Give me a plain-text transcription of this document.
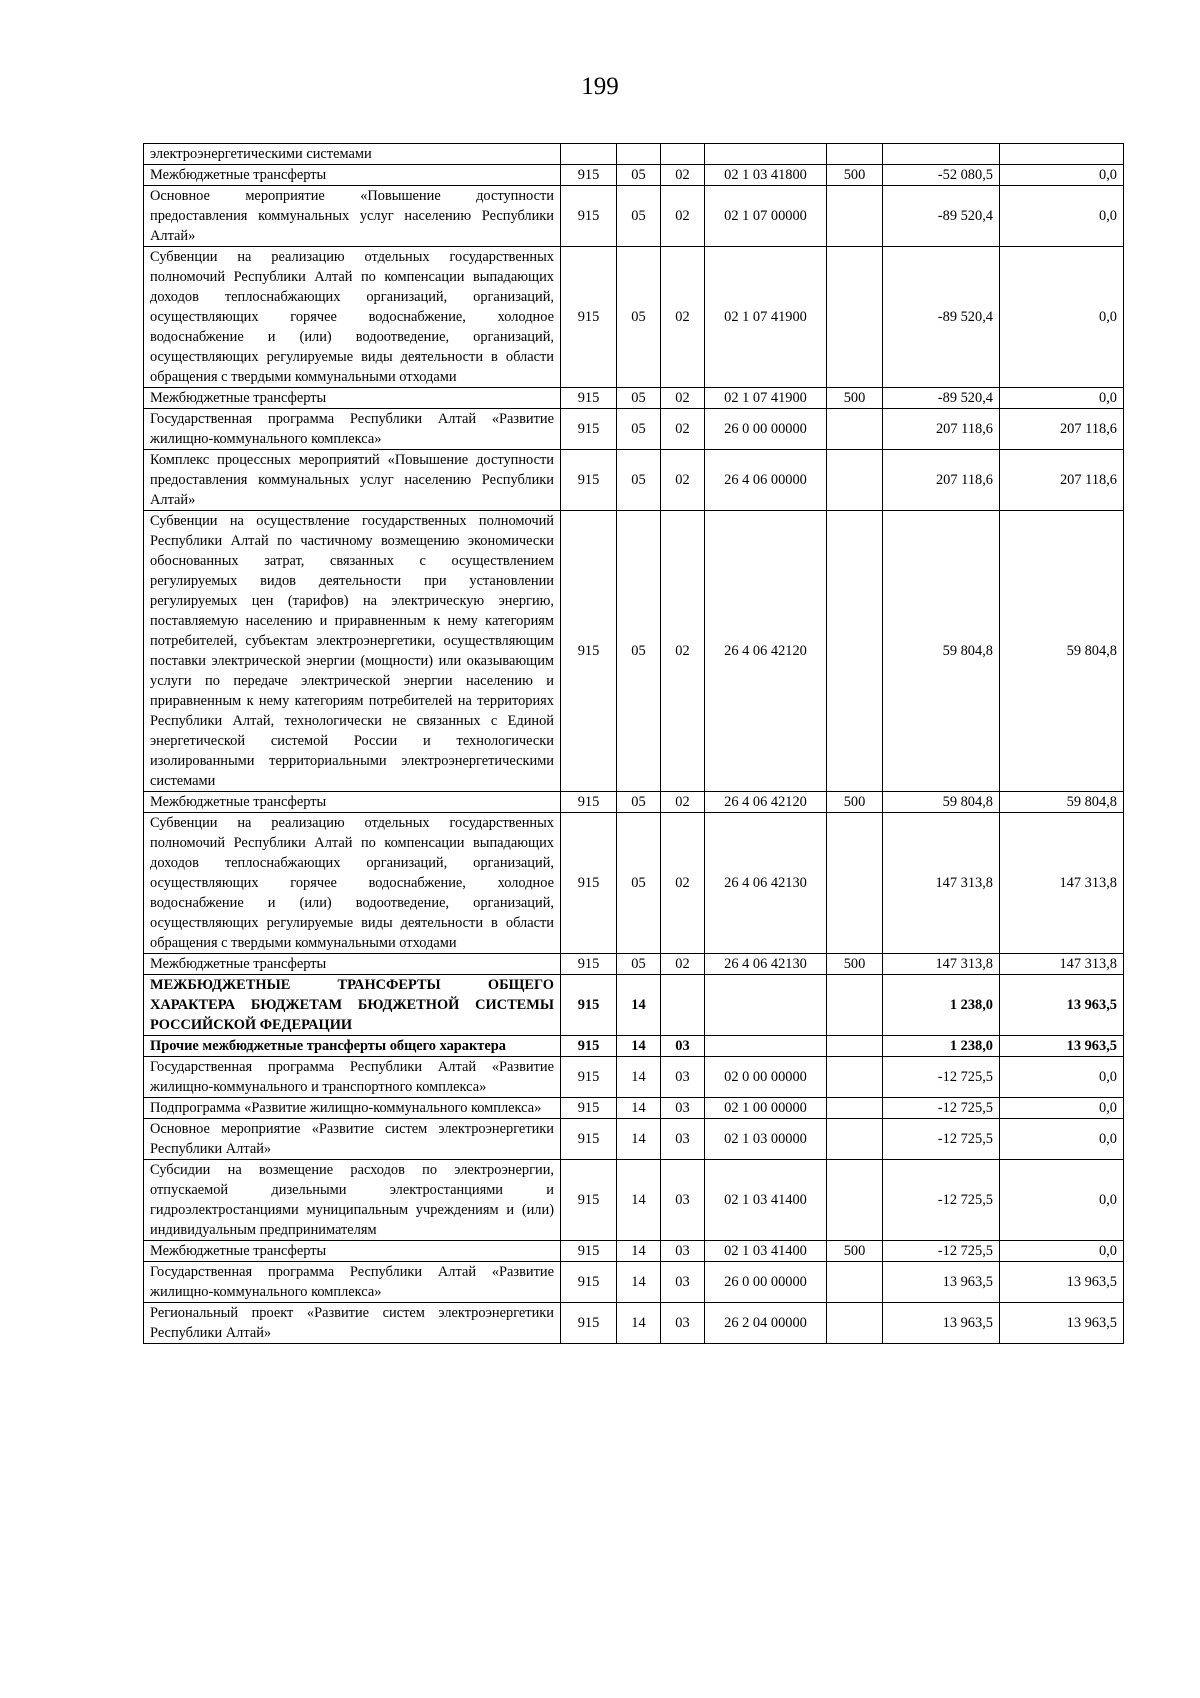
199
электроэнергетическими системами							
Межбюджетные трансферты	915	05	02	02 1 03 41800	500	-52 080,5	0,0
Основное мероприятие «Повышение доступности предоставления коммунальных услуг населению Республики Алтай»	915	05	02	02 1 07 00000		-89 520,4	0,0
Субвенции на реализацию отдельных государственных полномочий Республики Алтай по компенсации выпадающих доходов теплоснабжающих организаций, организаций, осуществляющих горячее водоснабжение, холодное водоснабжение и (или) водоотведение, организаций, осуществляющих регулируемые виды деятельности в области обращения с твердыми коммунальными отходами	915	05	02	02 1 07 41900		-89 520,4	0,0
Межбюджетные трансферты	915	05	02	02 1 07 41900	500	-89 520,4	0,0
Государственная программа Республики Алтай «Развитие жилищно-коммунального комплекса»	915	05	02	26 0 00 00000		207 118,6	207 118,6
Комплекс процессных мероприятий «Повышение доступности предоставления коммунальных услуг населению Республики Алтай»	915	05	02	26 4 06 00000		207 118,6	207 118,6
Субвенции на осуществление государственных полномочий Республики Алтай по частичному возмещению экономически обоснованных затрат, связанных с осуществлением регулируемых видов деятельности при установлении регулируемых цен (тарифов) на электрическую энергию, поставляемую населению и приравненным к нему категориям потребителей, субъектам электроэнергетики, осуществляющим поставки электрической энергии (мощности) или оказывающим услуги по передаче электрической энергии населению и приравненным к нему категориям потребителей на территориях Республики Алтай, технологически не связанных с Единой энергетической системой России и технологически изолированными территориальными электроэнергетическими системами	915	05	02	26 4 06 42120		59 804,8	59 804,8
Межбюджетные трансферты	915	05	02	26 4 06 42120	500	59 804,8	59 804,8
Субвенции на реализацию отдельных государственных полномочий Республики Алтай по компенсации выпадающих доходов теплоснабжающих организаций, организаций, осуществляющих горячее водоснабжение, холодное водоснабжение и (или) водоотведение, организаций, осуществляющих регулируемые виды деятельности в области обращения с твердыми коммунальными отходами	915	05	02	26 4 06 42130		147 313,8	147 313,8
Межбюджетные трансферты	915	05	02	26 4 06 42130	500	147 313,8	147 313,8
МЕЖБЮДЖЕТНЫЕ ТРАНСФЕРТЫ ОБЩЕГО ХАРАКТЕРА БЮДЖЕТАМ БЮДЖЕТНОЙ СИСТЕМЫ РОССИЙСКОЙ ФЕДЕРАЦИИ	915	14				1 238,0	13 963,5
Прочие межбюджетные трансферты общего характера	915	14	03			1 238,0	13 963,5
Государственная программа Республики Алтай «Развитие жилищно-коммунального и транспортного комплекса»	915	14	03	02 0 00 00000		-12 725,5	0,0
Подпрограмма «Развитие жилищно-коммунального комплекса»	915	14	03	02 1 00 00000		-12 725,5	0,0
Основное мероприятие «Развитие систем электроэнергетики Республики Алтай»	915	14	03	02 1 03 00000		-12 725,5	0,0
Субсидии на возмещение расходов по электроэнергии, отпускаемой дизельными электростанциями и гидроэлектростанциями муниципальным учреждениям и (или) индивидуальным предпринимателям	915	14	03	02 1 03 41400		-12 725,5	0,0
Межбюджетные трансферты	915	14	03	02 1 03 41400	500	-12 725,5	0,0
Государственная программа Республики Алтай «Развитие жилищно-коммунального комплекса»	915	14	03	26 0 00 00000		13 963,5	13 963,5
Региональный проект «Развитие систем электроэнергетики Республики Алтай»	915	14	03	26 2 04 00000		13 963,5	13 963,5
